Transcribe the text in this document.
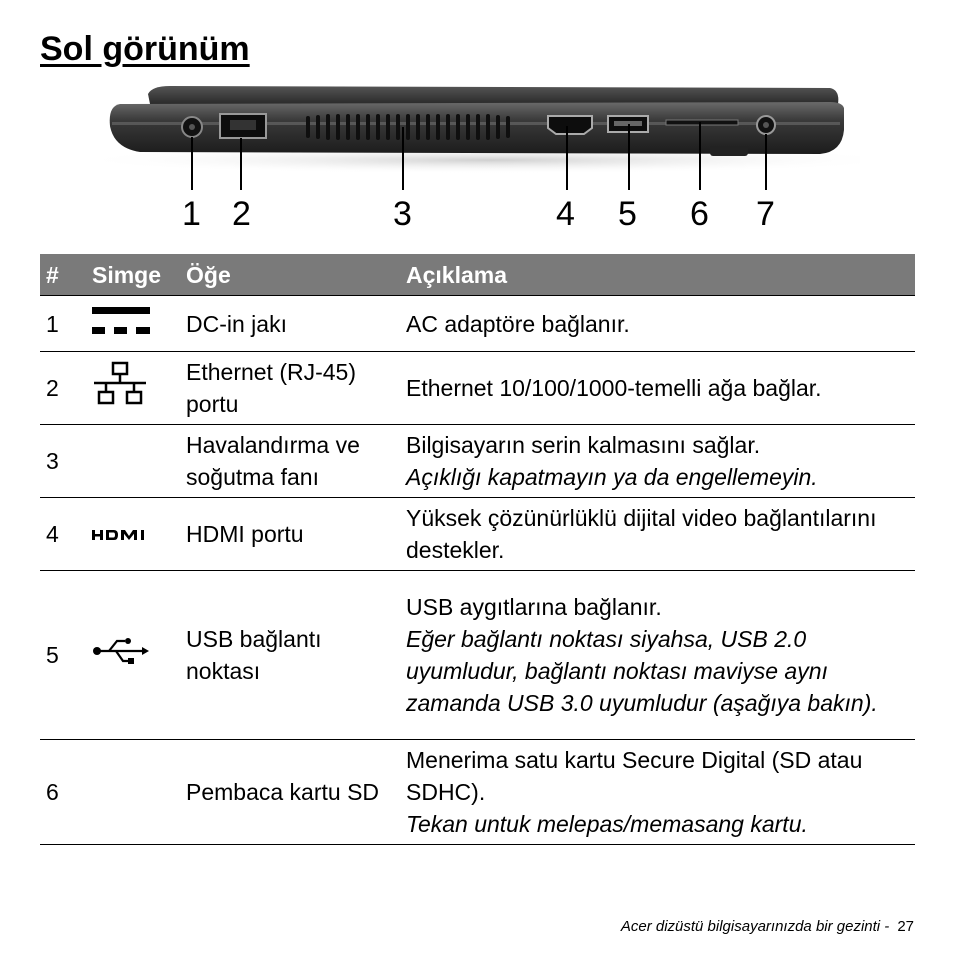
Sol görünüm
1 2	3	4 5 6 7
#	Simge	Öğe	Açıklama
1		DC-in jakı	AC adaptöre bağlanır.

2		Ethernet (RJ-45) portu	Ethernet 10/100/1000-temelli ağa bağlar.

3		Havalandırma ve soğutma fanı	Bilgisayarın serin kalmasını sağlar.
Açıklığı kapatmayın ya da engellemeyin.

4		HDMI portu	Yüksek çözünürlüklü dijital video bağlantılarını destekler.

5		USB bağlantı noktası	USB aygıtlarına bağlanır.
Eğer bağlantı noktası siyahsa, USB 2.0 uyumludur, bağlantı noktası maviyse aynı zamanda USB 3.0 uyumludur (aşağıya bakın).

6		Pembaca kartu SD	Menerima satu kartu Secure Digital (SD atau SDHC).
Tekan untuk melepas/memasang kartu.
Acer dizüstü bilgisayarınızda bir gezinti - 27
